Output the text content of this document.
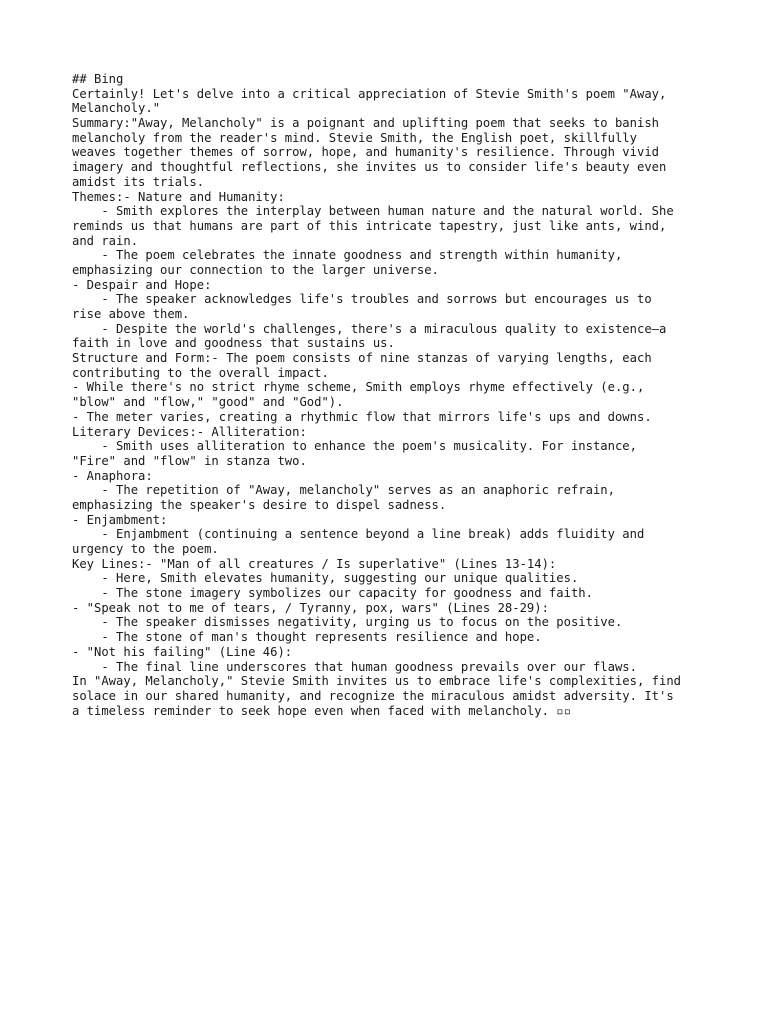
## Bing
Certainly! Let's delve into a critical appreciation of Stevie Smith's poem "Away,
Melancholy."
Summary:"Away, Melancholy" is a poignant and uplifting poem that seeks to banish
melancholy from the reader's mind. Stevie Smith, the English poet, skillfully
weaves together themes of sorrow, hope, and humanity's resilience. Through vivid
imagery and thoughtful reflections, she invites us to consider life's beauty even
amidst its trials.
Themes:- Nature and Humanity:
- Smith explores the interplay between human nature and the natural world. She
reminds us that humans are part of this intricate tapestry, just like ants, wind,
and rain.
- The poem celebrates the innate goodness and strength within humanity,
emphasizing our connection to the larger universe.
- Despair and Hope:
- The speaker acknowledges life's troubles and sorrows but encourages us to
rise above them.
- Despite the world's challenges, there's a miraculous quality to existence—a
faith in love and goodness that sustains us.
Structure and Form:- The poem consists of nine stanzas of varying lengths, each
contributing to the overall impact.
- While there's no strict rhyme scheme, Smith employs rhyme effectively (e.g.,
"blow" and "flow," "good" and "God").
- The meter varies, creating a rhythmic flow that mirrors life's ups and downs.
Literary Devices:- Alliteration:
- Smith uses alliteration to enhance the poem's musicality. For instance,
"Fire" and "flow" in stanza two.
- Anaphora:
- The repetition of "Away, melancholy" serves as an anaphoric refrain,
emphasizing the speaker's desire to dispel sadness.
- Enjambment:
- Enjambment (continuing a sentence beyond a line break) adds fluidity and
urgency to the poem.
Key Lines:- "Man of all creatures / Is superlative" (Lines 13-14):
- Here, Smith elevates humanity, suggesting our unique qualities.
- The stone imagery symbolizes our capacity for goodness and faith.
- "Speak not to me of tears, / Tyranny, pox, wars" (Lines 28-29):
- The speaker dismisses negativity, urging us to focus on the positive.
- The stone of man's thought represents resilience and hope.
- "Not his failing" (Line 46):
- The final line underscores that human goodness prevails over our flaws.
In "Away, Melancholy," Stevie Smith invites us to embrace life's complexities, find
solace in our shared humanity, and recognize the miraculous amidst adversity. It's
a timeless reminder to seek hope even when faced with melancholy. ▫▫
